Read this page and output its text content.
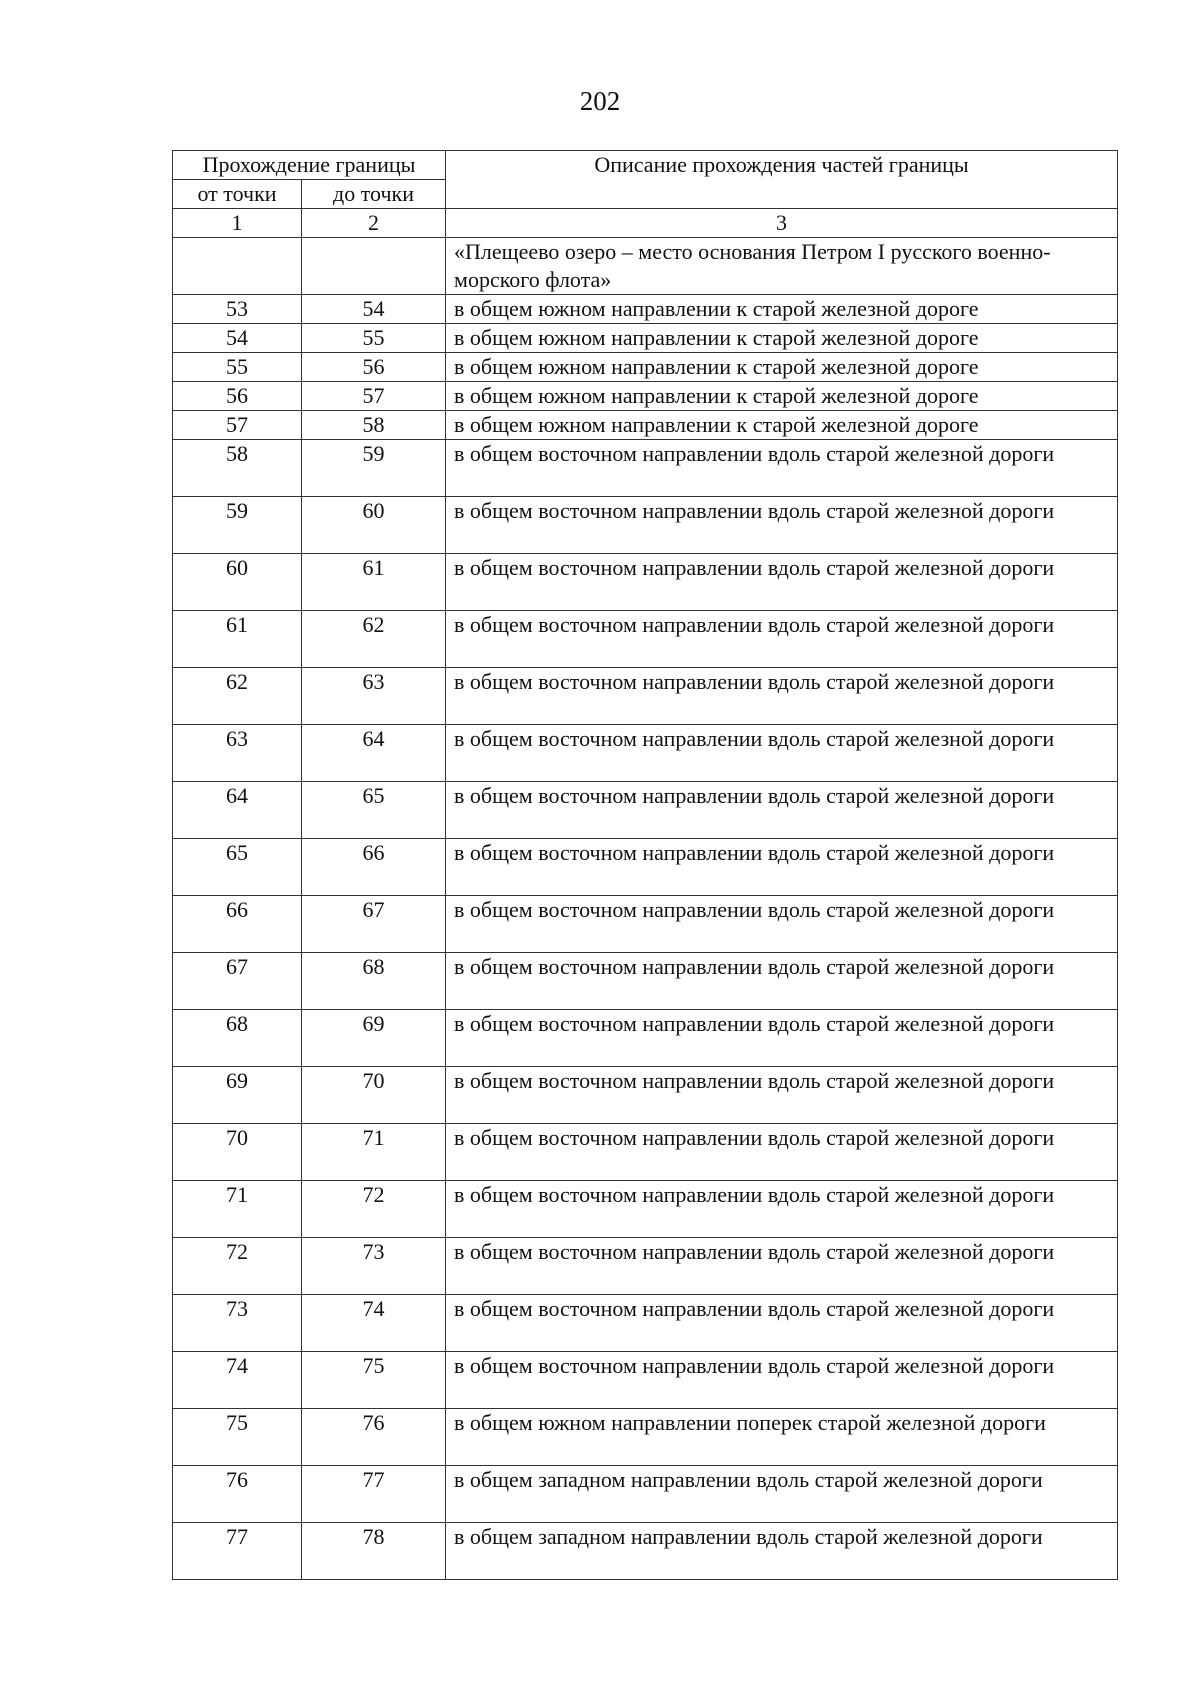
202
Прохождение границы		Описание прохождения частей границы
от точки	до точки	
1	2	3
		«Плещеево озеро – место основания Петром I русского военно-морского флота»
53	54	в общем южном направлении к старой железной дороге
54	55	в общем южном направлении к старой железной дороге
55	56	в общем южном направлении к старой железной дороге
56	57	в общем южном направлении к старой железной дороге
57	58	в общем южном направлении к старой железной дороге
58	59	в общем восточном направлении вдоль старой железной дороги
59	60	в общем восточном направлении вдоль старой железной дороги
60	61	в общем восточном направлении вдоль старой железной дороги
61	62	в общем восточном направлении вдоль старой железной дороги
62	63	в общем восточном направлении вдоль старой железной дороги
63	64	в общем восточном направлении вдоль старой железной дороги
64	65	в общем восточном направлении вдоль старой железной дороги
65	66	в общем восточном направлении вдоль старой железной дороги
66	67	в общем восточном направлении вдоль старой железной дороги
67	68	в общем восточном направлении вдоль старой железной дороги
68	69	в общем восточном направлении вдоль старой железной дороги
69	70	в общем восточном направлении вдоль старой железной дороги
70	71	в общем восточном направлении вдоль старой железной дороги
71	72	в общем восточном направлении вдоль старой железной дороги
72	73	в общем восточном направлении вдоль старой железной дороги
73	74	в общем восточном направлении вдоль старой железной дороги
74	75	в общем восточном направлении вдоль старой железной дороги
75	76	в общем южном направлении поперек старой железной дороги
76	77	в общем западном направлении вдоль старой железной дороги
77	78	в общем западном направлении вдоль старой железной дороги
